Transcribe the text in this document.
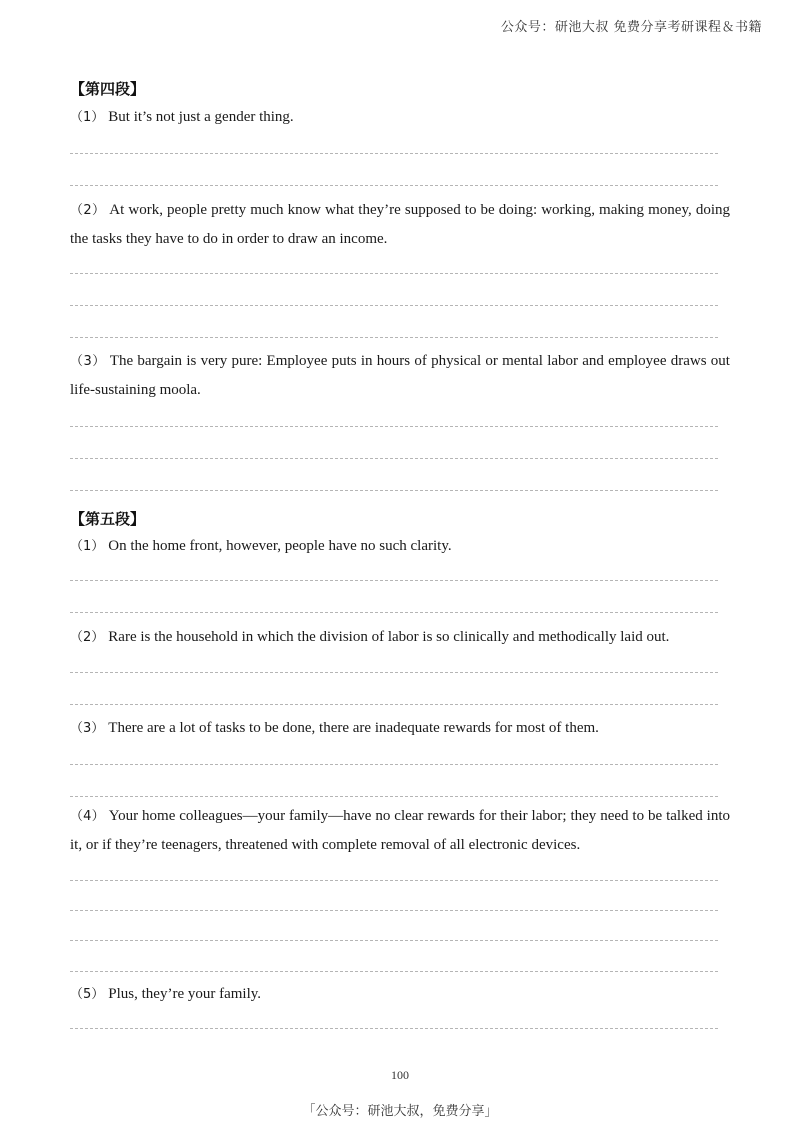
公众号：研池大叔 免费分享考研课程＆书籍
【第四段】
（1） But it’s not just a gender thing.
（2） At work, people pretty much know what they’re supposed to be doing: working, making money, doing the tasks they have to do in order to draw an income.
（3） The bargain is very pure: Employee puts in hours of physical or mental labor and employee draws out life-sustaining moola.
【第五段】
（1） On the home front, however, people have no such clarity.
（2） Rare is the household in which the division of labor is so clinically and methodically laid out.
（3） There are a lot of tasks to be done, there are inadequate rewards for most of them.
（4） Your home colleagues—your family—have no clear rewards for their labor; they need to be talked into it, or if they’re teenagers, threatened with complete removal of all electronic devices.
（5） Plus, they’re your family.
100
「公众号：研池大叔，免费分享」
